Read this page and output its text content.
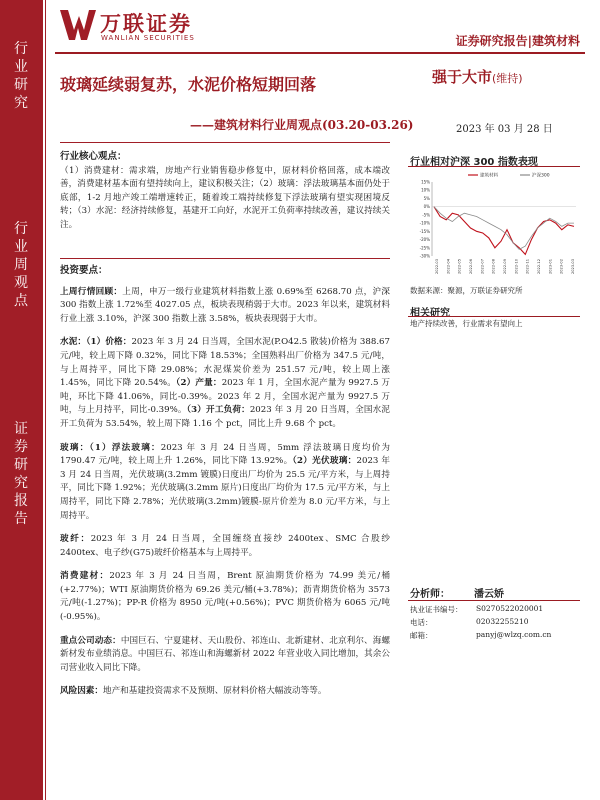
行业研究
行业周观点
证券研究报告
万联证券
WANLIAN SECURITIES	证券研究报告|建筑材料
玻璃延续弱复苏，水泥价格短期回落
——建筑材料行业周观点(03.20-03.26)
强于大市(维持)
2023 年 03 月 28 日

行业核心观点：

（1）消费建材：需求端，房地产行业销售稳步修复中，原材料价格回落，成本端改善，消费建材基本面有望持续向上，建议积极关注；（2）玻璃：浮法玻璃基本面仍处于底部，1-2 月地产竣工端增速转正，随着竣工端持续修复下浮法玻璃有望实现困境反转；（3）水泥：经济持续修复，基建开工向好，水泥开工负荷率持续改善，建议持续关注。

投资要点：

上周行情回顾：上周，申万一级行业建筑材料指数上涨 0.69%至 6268.70 点，沪深 300 指数上涨 1.72%至 4027.05 点，板块表现稍弱于大市。2023 年以来，建筑材料行业上涨 3.10%，沪深 300 指数上涨 3.58%，板块表现弱于大市。

水泥：（1）价格：2023 年 3 月 24 日当周，全国水泥(P.O42.5 散装)价格为 388.67 元/吨，较上周下降 0.32%，同比下降 18.53%；全国熟料出厂价格为 347.5 元/吨，与上周持平，同比下降 29.08%；水泥煤炭价差为 251.57 元/吨，较上周上涨 1.45%，同比下降 20.54%。（2）产量：2023 年 1 月，全国水泥产量为 9927.5 万吨，环比下降 41.06%，同比-0.39%。2023 年 2 月，全国水泥产量为 9927.5 万吨，与上月持平，同比-0.39%。（3）开工负荷：2023 年 3 月 20 日当周，全国水泥开工负荷为 53.54%，较上周下降 1.16 个 pct，同比上升 9.68 个 pct。

玻璃：（1）浮法玻璃：2023 年 3 月 24 日当周，5mm 浮法玻璃日度均价为 1790.47 元/吨，较上周上升 1.26%，同比下降 13.92%。（2）光伏玻璃：2023 年 3 月 24 日当周，光伏玻璃(3.2mm 镀膜)日度出厂均价为 25.5 元/平方米，与上周持平，同比下降 1.92%；光伏玻璃(3.2mm 原片)日度出厂均价为 17.5 元/平方米，与上周持平，同比下降 2.78%；光伏玻璃(3.2mm)镀膜-原片价差为 8.0 元/平方米，与上周持平。

玻纤：2023 年 3 月 24 日当周，全国缠绕直接纱 2400tex、SMC 合股纱 2400tex、电子纱(G75)玻纤价格基本与上周持平。

消费建材：2023 年 3 月 24 日当周，Brent 原油期货价格为 74.99 美元/桶(+2.77%)；WTI 原油期货价格为 69.26 美元/桶(+3.78%)；沥青期货价格为 3573 元/吨(-1.27%)；PP-R 价格为 8950 元/吨(+0.56%)；PVC 期货价格为 6065 元/吨(-0.95%)。

重点公司动态：中国巨石、宁夏建材、天山股份、祁连山、北新建材、北京利尔、海螺新材发布业绩消息。中国巨石、祁连山和海螺新材 2022 年营业收入同比增加，其余公司营业收入同比下降。

风险因素：地产和基建投资需求不及预期、原材料价格大幅波动等等。

行业相对沪深 300 指数表现
15%
10%
5%
0%
-5%
-10%
-15%
-20%
-25%
-30%
2022-03 2022-04 2022-05 2022-06 2022-07 2022-08 2022-09 2022-10 2022-11 2022-12 2023-01 2023-02 2023-03
建筑材料	沪深300
数据来源：聚源，万联证券研究所
相关研究
地产持续改善，行业需求有望向上
分析师： 潘云娇
执业证书编号： S0270522020001
电话：	02032255210
邮箱：	panyj@wlzq.com.cn
